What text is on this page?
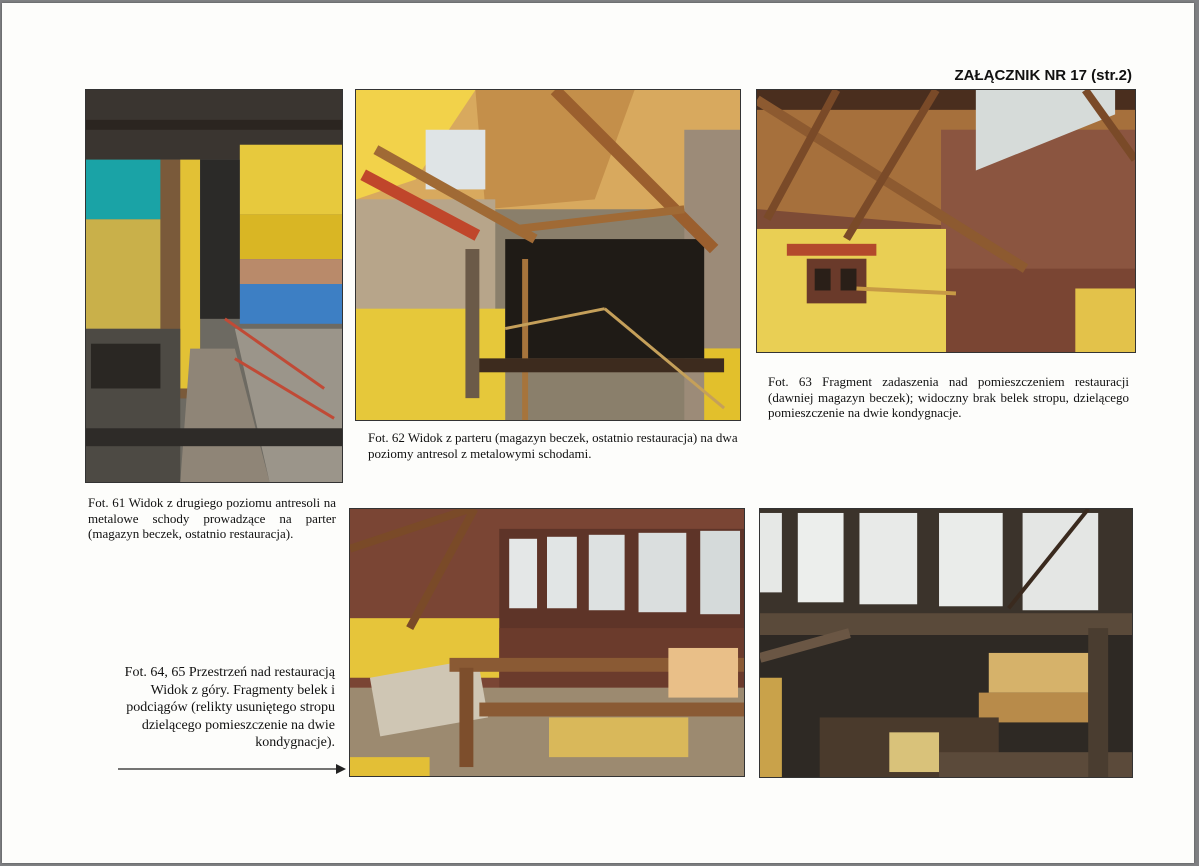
ZAŁĄCZNIK NR 17 (str.2)
Fot. 61 Widok z drugiego poziomu antresoli na metalowe schody prowadzące na parter (magazyn beczek, ostatnio restauracja).
Fot. 62 Widok z parteru (magazyn beczek, ostatnio restauracja) na dwa poziomy antresol z metalowymi schodami.
Fot. 63 Fragment zadaszenia nad pomieszczeniem restauracji (dawniej magazyn beczek); widoczny brak belek stropu, dzielącego pomieszczenie na dwie kondygnacje.
Fot. 64, 65 Przestrzeń nad restauracją Widok z góry. Fragmenty belek i podciągów (relikty usuniętego stropu dzielącego pomieszczenie na dwie kondygnacje).
